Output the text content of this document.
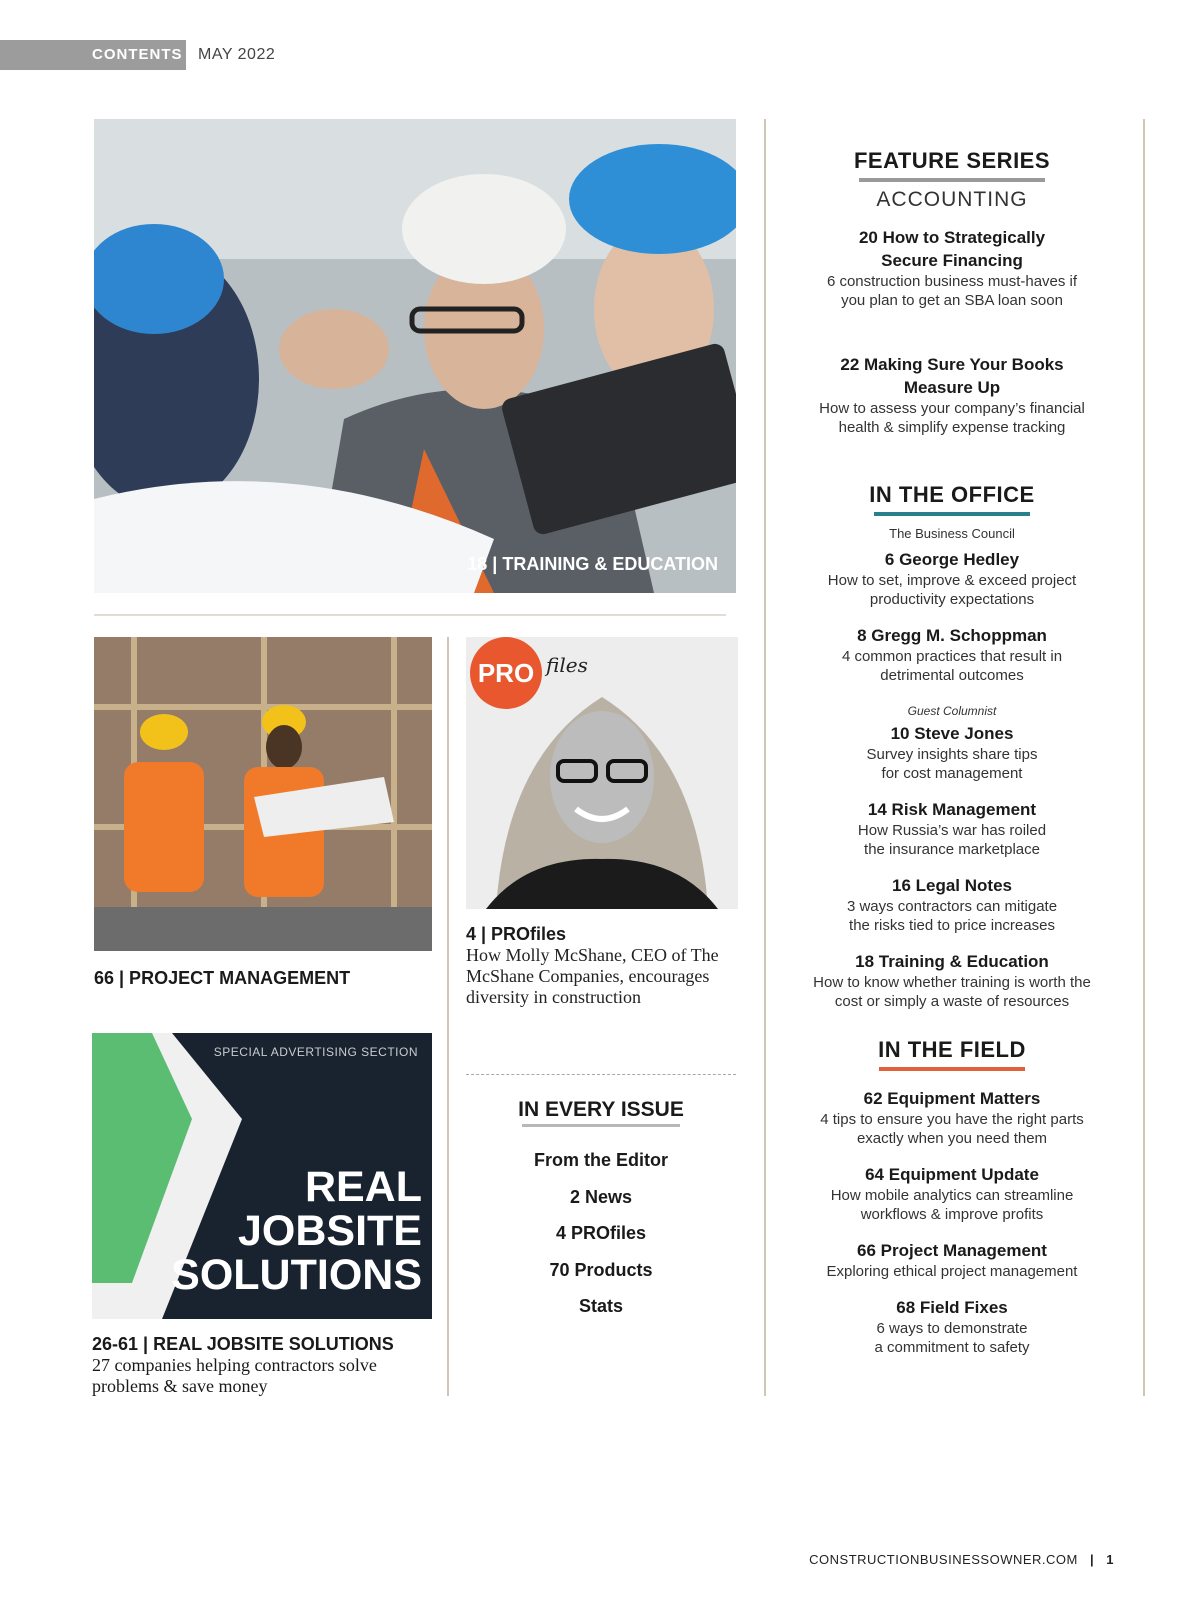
CONTENTS MAY 2022
18 | TRAINING & EDUCATION
66 | PROJECT MANAGEMENT
PRO files
4 | PROfiles
How Molly McShane, CEO of The McShane Companies, encourages diversity in construction
IN EVERY ISSUE
From the Editor
2 News
4 PROfiles
70 Products
Stats
SPECIAL ADVERTISING SECTION
REAL
JOBSITE
SOLUTIONS
26-61 | REAL JOBSITE SOLUTIONS
27 companies helping contractors solve problems & save money
FEATURE SERIES
ACCOUNTING
20 How to Strategically
Secure Financing
6 construction business must-haves if
you plan to get an SBA loan soon
22 Making Sure Your Books
Measure Up
How to assess your company’s financial
health & simplify expense tracking
IN THE OFFICE
The Business Council
6 George Hedley
How to set, improve & exceed project
productivity expectations
8 Gregg M. Schoppman
4 common practices that result in
detrimental outcomes
Guest Columnist
10 Steve Jones
Survey insights share tips
for cost management
14 Risk Management
How Russia’s war has roiled
the insurance marketplace
16 Legal Notes
3 ways contractors can mitigate
the risks tied to price increases
18 Training & Education
How to know whether training is worth the
cost or simply a waste of resources
IN THE FIELD
62 Equipment Matters
4 tips to ensure you have the right parts
exactly when you need them
64 Equipment Update
How mobile analytics can streamline
workflows & improve profits
66 Project Management
Exploring ethical project management
68 Field Fixes
6 ways to demonstrate
a commitment to safety
CONSTRUCTIONBUSINESSOWNER.COM | 1
